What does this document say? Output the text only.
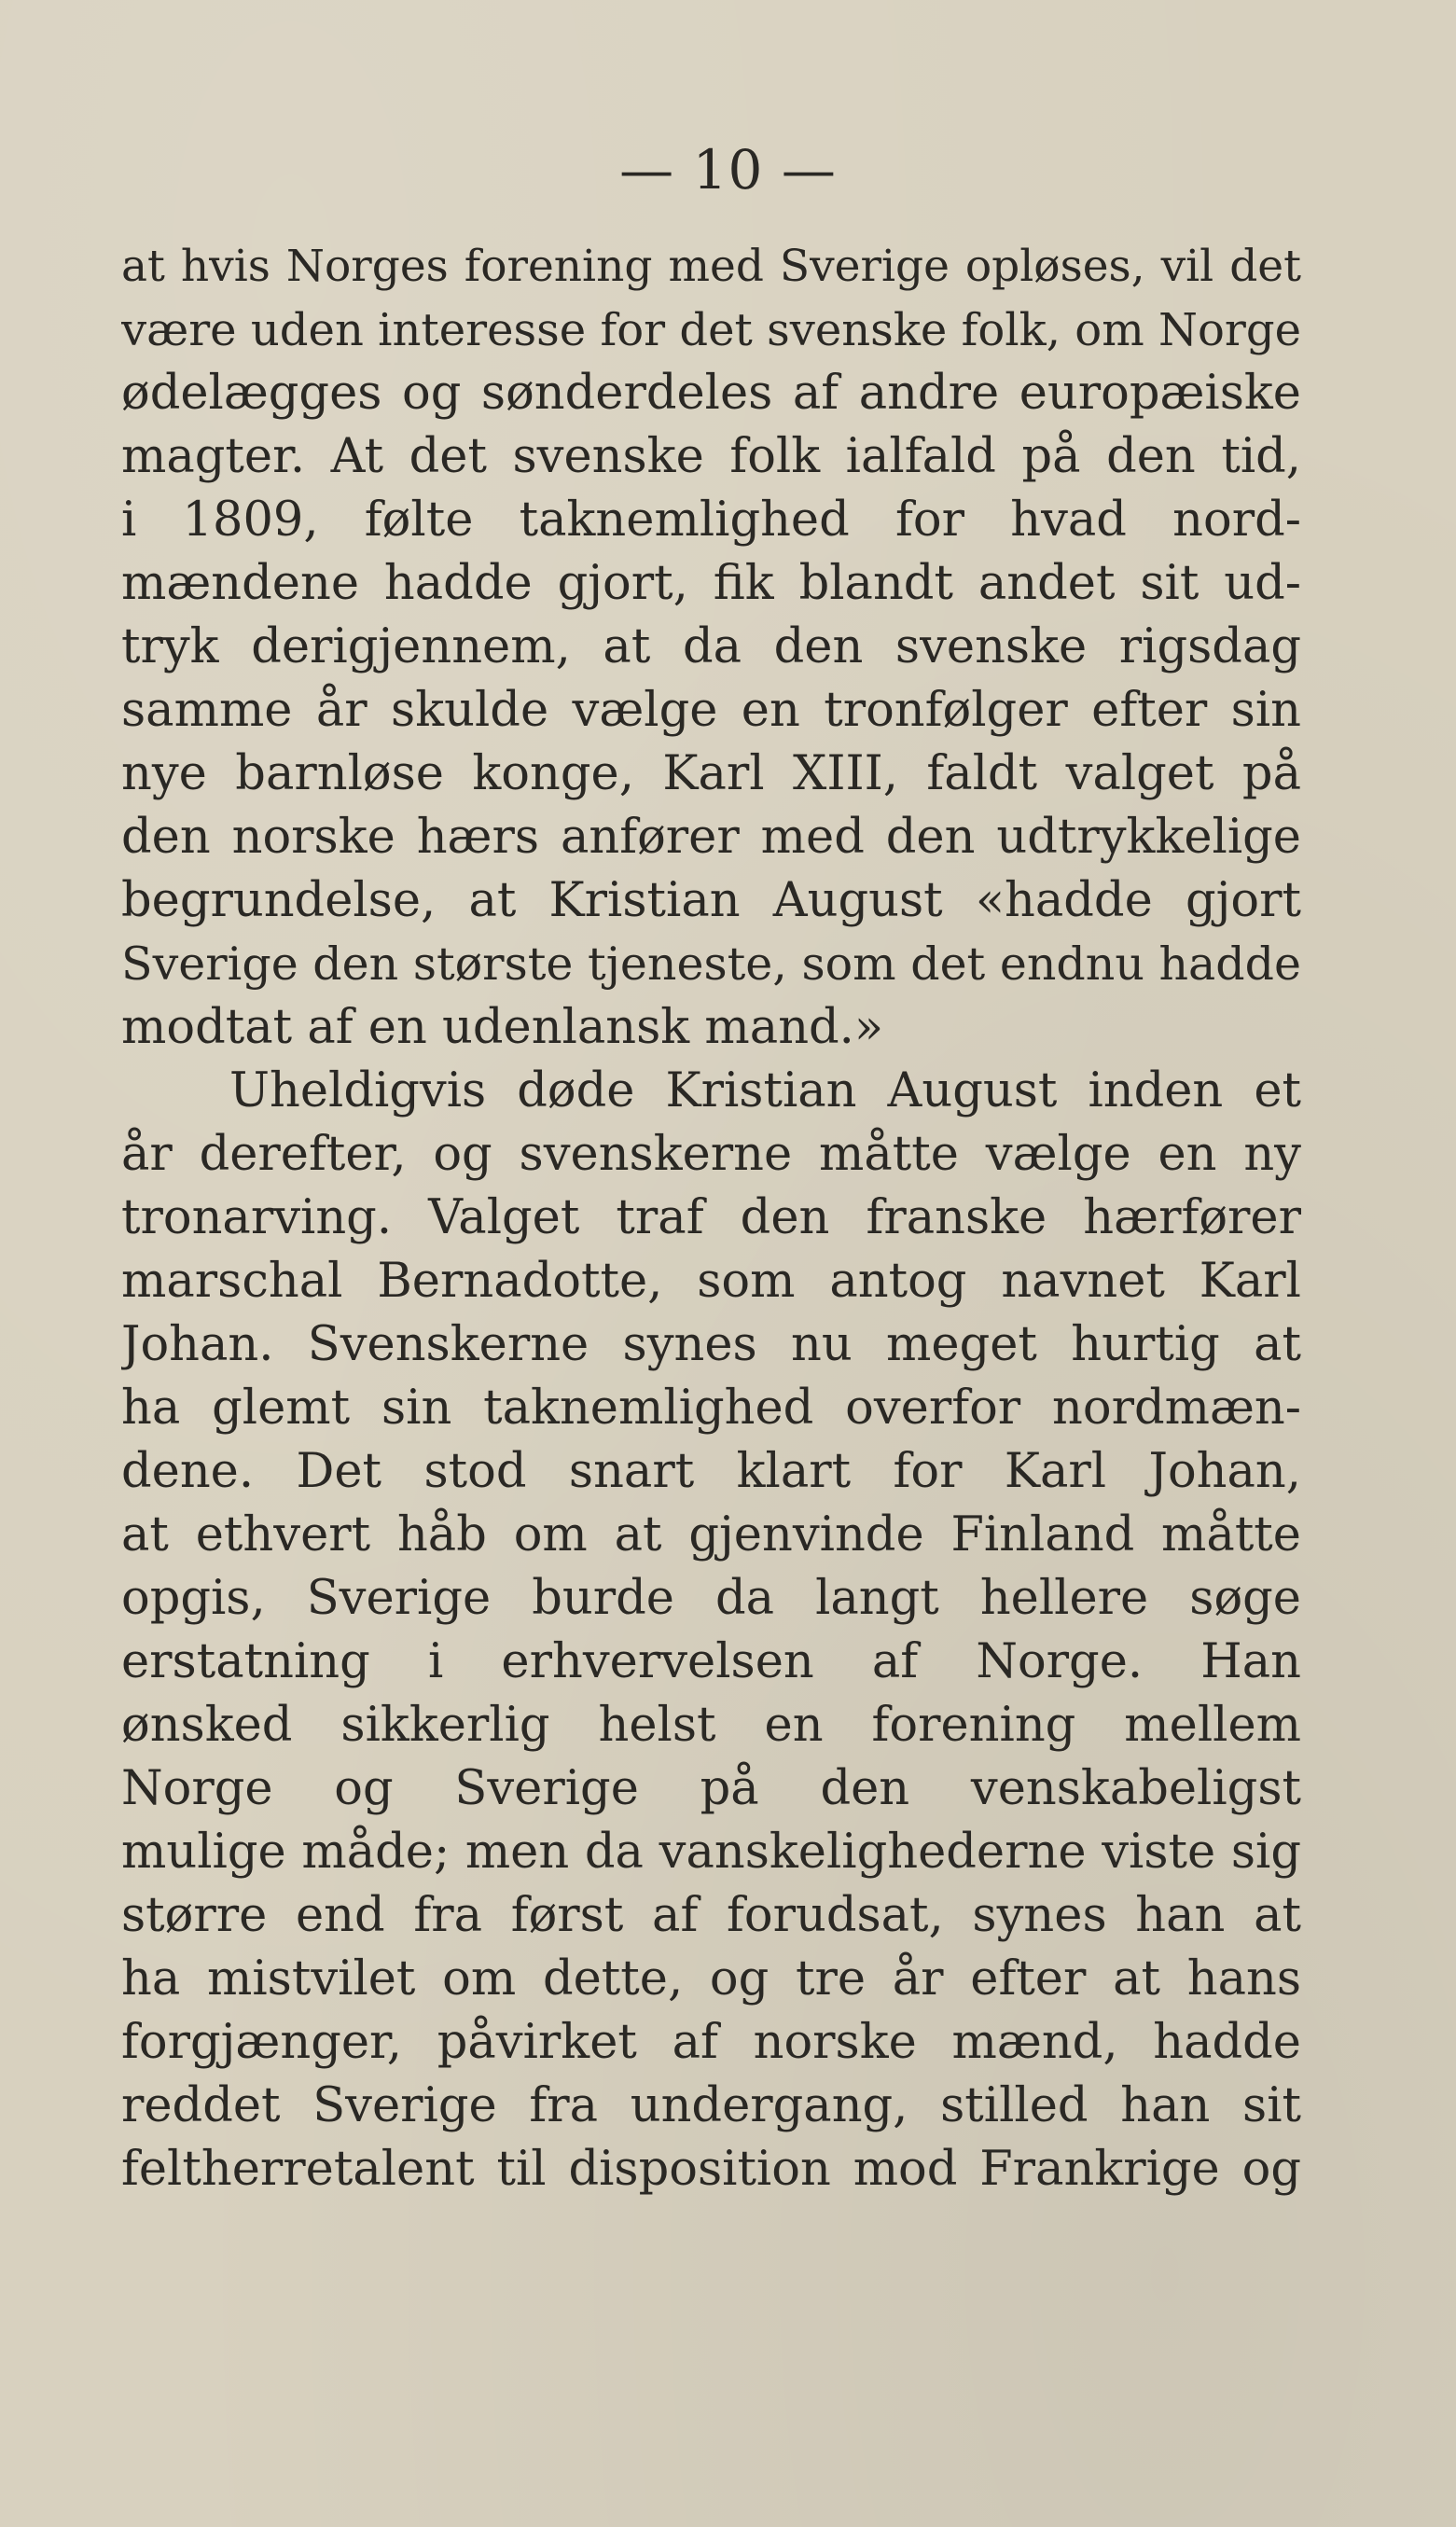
— 10 —
at hvis Norges forening med Sverige opløses, vil det
være uden interesse for det svenske folk, om Norge
ødelægges og sønderdeles af andre europæiske
magter. At det svenske folk ialfald på den tid,
i 1809, følte taknemlighed for hvad nord-
mændene hadde gjort, fik blandt andet sit ud-
tryk derigjennem, at da den svenske rigsdag
samme år skulde vælge en tronfølger efter sin
nye barnløse konge, Karl XIII, faldt valget på
den norske hærs anfører med den udtrykkelige
begrundelse, at Kristian August «hadde gjort
Sverige den største tjeneste, som det endnu hadde
modtat af en udenlansk mand.»
Uheldigvis døde Kristian August inden et
år derefter, og svenskerne måtte vælge en ny
tronarving. Valget traf den franske hærfører
marschal Bernadotte, som antog navnet Karl
Johan. Svenskerne synes nu meget hurtig at
ha glemt sin taknemlighed overfor nordmæn-
dene. Det stod snart klart for Karl Johan,
at ethvert håb om at gjenvinde Finland måtte
opgis, Sverige burde da langt hellere søge
erstatning i erhvervelsen af Norge. Han
ønsked sikkerlig helst en forening mellem
Norge og Sverige på den venskabeligst
mulige måde; men da vanskelighederne viste sig
større end fra først af forudsat, synes han at
ha mistvilet om dette, og tre år efter at hans
forgjænger, påvirket af norske mænd, hadde
reddet Sverige fra undergang, stilled han sit
feltherretalent til disposition mod Frankrige og
